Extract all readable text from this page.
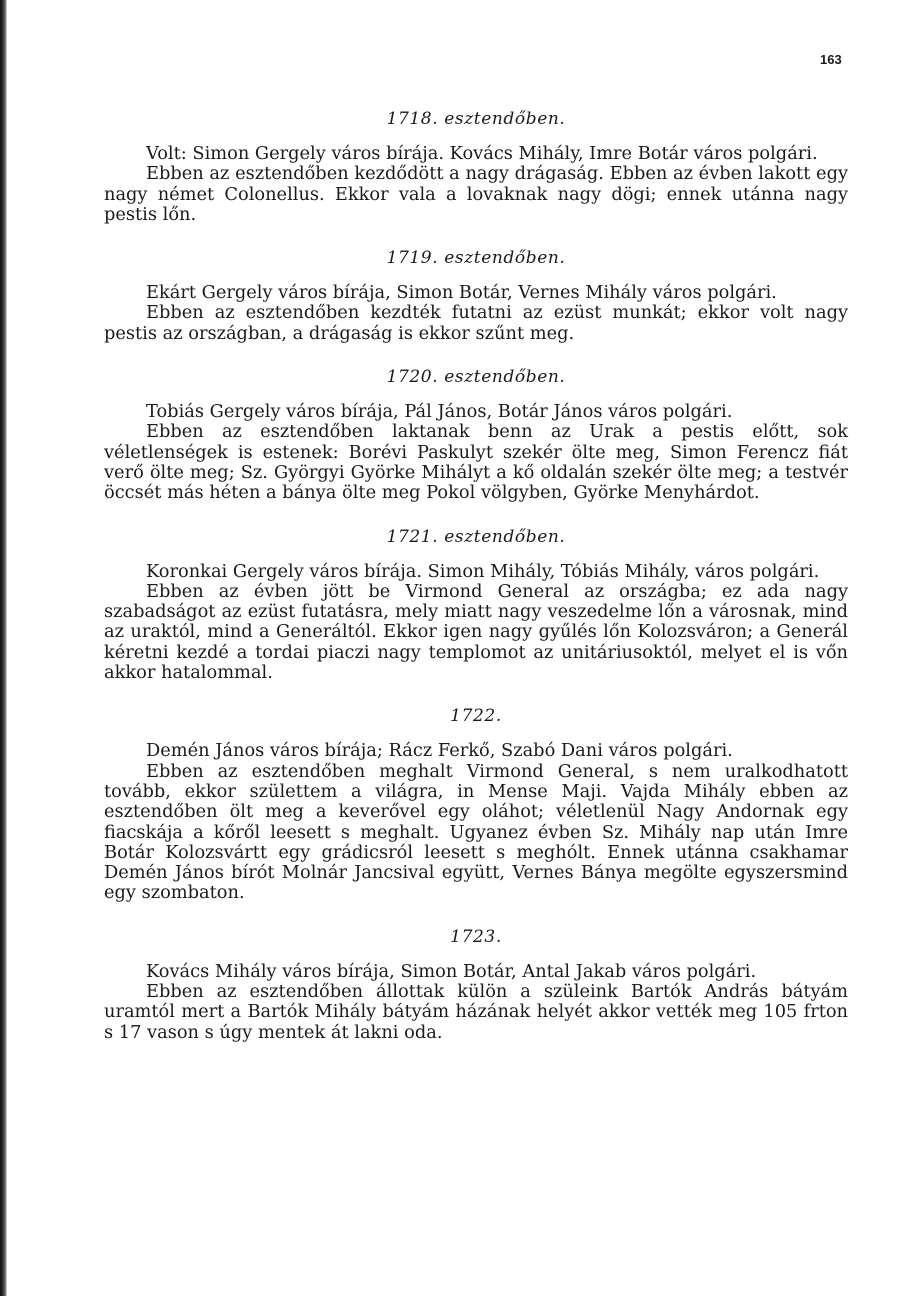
163
1718. esztendőben.

Volt: Simon Gergely város bírája. Kovács Mihály, Imre Botár város polgári.

Ebben az esztendőben kezdődött a nagy drágaság. Ebben az évben lakott egy nagy német Colonellus. Ekkor vala a lovaknak nagy dögi; ennek utánna nagy pestis lőn.

1719. esztendőben.

Ekárt Gergely város bírája, Simon Botár, Vernes Mihály város polgári.

Ebben az esztendőben kezdték futatni az ezüst munkát; ekkor volt nagy pestis az országban, a drágaság is ekkor szűnt meg.

1720. esztendőben.

Tobiás Gergely város bírája, Pál János, Botár János város polgári.

Ebben az esztendőben laktanak benn az Urak a pestis előtt, sok véletlenségek is estenek: Borévi Paskulyt szekér ölte meg, Simon Ferencz fiát verő ölte meg; Sz. Györgyi Györke Mihályt a kő oldalán szekér ölte meg; a testvér öccsét más héten a bánya ölte meg Pokol völgyben, Györke Menyhárdot.

1721. esztendőben.

Koronkai Gergely város bírája. Simon Mihály, Tóbiás Mihály, város polgári.

Ebben az évben jött be Virmond General az országba; ez ada nagy szabadságot az ezüst futatásra, mely miatt nagy veszedelme lőn a városnak, mind az uraktól, mind a Generáltól. Ekkor igen nagy gyűlés lőn Kolozsváron; a Generál kéretni kezdé a tordai piaczi nagy templomot az unitáriusoktól, melyet el is vőn akkor hatalommal.

1722.

Demén János város bírája; Rácz Ferkő, Szabó Dani város polgári.

Ebben az esztendőben meghalt Virmond General, s nem uralkodhatott tovább, ekkor születtem a világra, in Mense Maji. Vajda Mihály ebben az esztendőben ölt meg a keverővel egy oláhot; véletlenül Nagy Andornak egy fiacskája a kőről leesett s meghalt. Ugyanez évben Sz. Mihály nap után Imre Botár Kolozsvártt egy grádicsról leesett s meghólt. Ennek utánna csakhamar Demén János bírót Molnár Jancsival együtt, Vernes Bánya megölte egyszersmind egy szombaton.

1723.

Kovács Mihály város bírája, Simon Botár, Antal Jakab város polgári.

Ebben az esztendőben állottak külön a szüleink Bartók András bátyám uramtól mert a Bartók Mihály bátyám házának helyét akkor vették meg 105 frton s 17 vason s úgy mentek át lakni oda.
